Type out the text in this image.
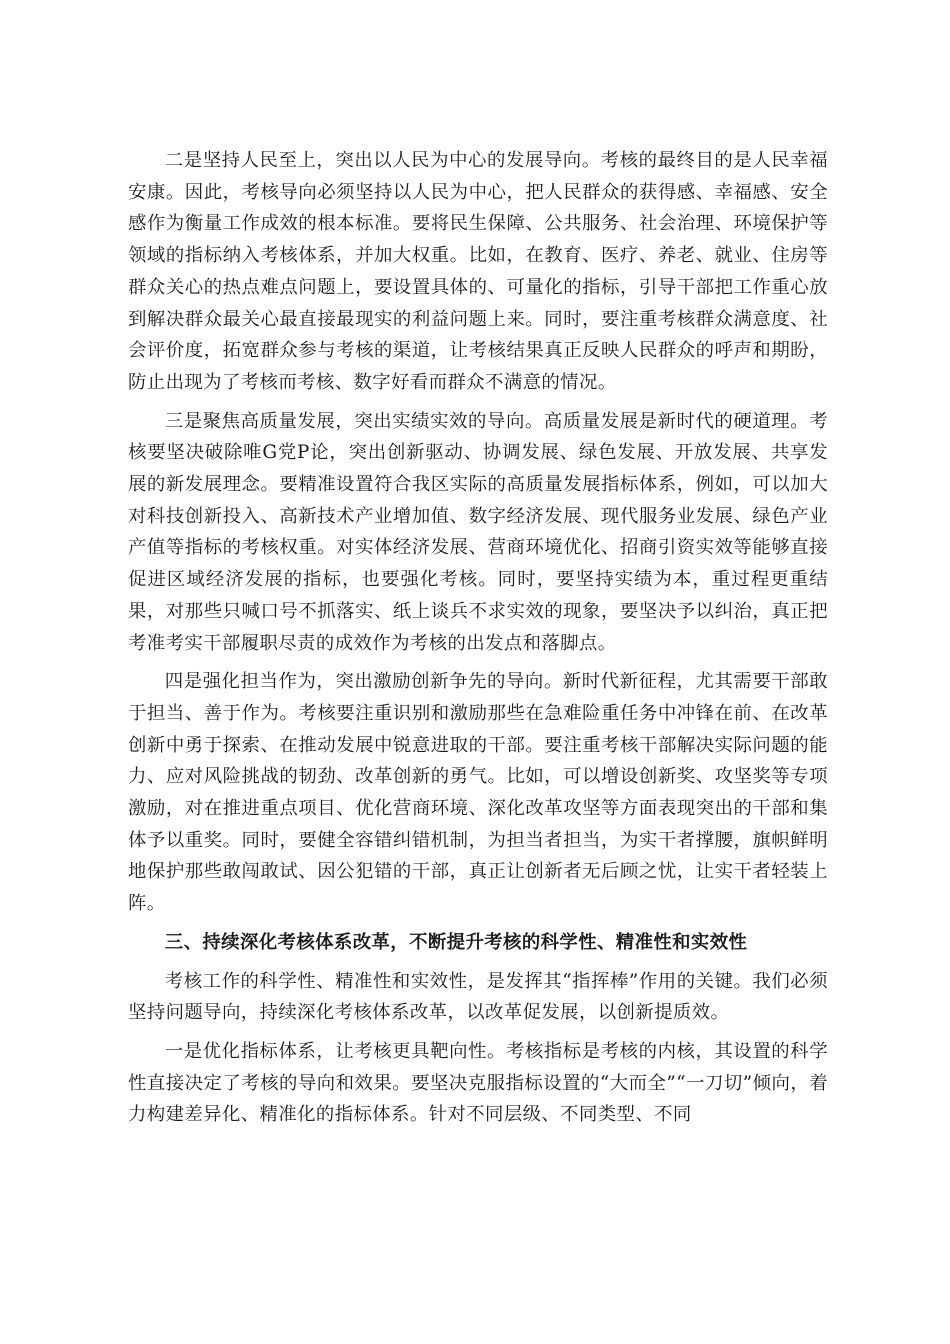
二是坚持人民至上，突出以人民为中心的发展导向。考核的最终目的是人民幸福安康。因此，考核导向必须坚持以人民为中心，把人民群众的获得感、幸福感、安全感作为衡量工作成效的根本标准。要将民生保障、公共服务、社会治理、环境保护等领域的指标纳入考核体系，并加大权重。比如，在教育、医疗、养老、就业、住房等群众关心的热点难点问题上，要设置具体的、可量化的指标，引导干部把工作重心放到解决群众最关心最直接最现实的利益问题上来。同时，要注重考核群众满意度、社会评价度，拓宽群众参与考核的渠道，让考核结果真正反映人民群众的呼声和期盼，防止出现为了考核而考核、数字好看而群众不满意的情况。

三是聚焦高质量发展，突出实绩实效的导向。高质量发展是新时代的硬道理。考核要坚决破除唯G党P论，突出创新驱动、协调发展、绿色发展、开放发展、共享发展的新发展理念。要精准设置符合我区实际的高质量发展指标体系，例如，可以加大对科技创新投入、高新技术产业增加值、数字经济发展、现代服务业发展、绿色产业产值等指标的考核权重。对实体经济发展、营商环境优化、招商引资实效等能够直接促进区域经济发展的指标，也要强化考核。同时，要坚持实绩为本，重过程更重结果，对那些只喊口号不抓落实、纸上谈兵不求实效的现象，要坚决予以纠治，真正把考准考实干部履职尽责的成效作为考核的出发点和落脚点。

四是强化担当作为，突出激励创新争先的导向。新时代新征程，尤其需要干部敢于担当、善于作为。考核要注重识别和激励那些在急难险重任务中冲锋在前、在改革创新中勇于探索、在推动发展中锐意进取的干部。要注重考核干部解决实际问题的能力、应对风险挑战的韧劲、改革创新的勇气。比如，可以增设创新奖、攻坚奖等专项激励，对在推进重点项目、优化营商环境、深化改革攻坚等方面表现突出的干部和集体予以重奖。同时，要健全容错纠错机制，为担当者担当，为实干者撑腰，旗帜鲜明地保护那些敢闯敢试、因公犯错的干部，真正让创新者无后顾之忧，让实干者轻装上阵。

三、持续深化考核体系改革，不断提升考核的科学性、精准性和实效性

考核工作的科学性、精准性和实效性，是发挥其“指挥棒”作用的关键。我们必须坚持问题导向，持续深化考核体系改革，以改革促发展，以创新提质效。

一是优化指标体系，让考核更具靶向性。考核指标是考核的内核，其设置的科学性直接决定了考核的导向和效果。要坚决克服指标设置的“大而全”“一刀切”倾向，着力构建差异化、精准化的指标体系。针对不同层级、不同类型、不同
